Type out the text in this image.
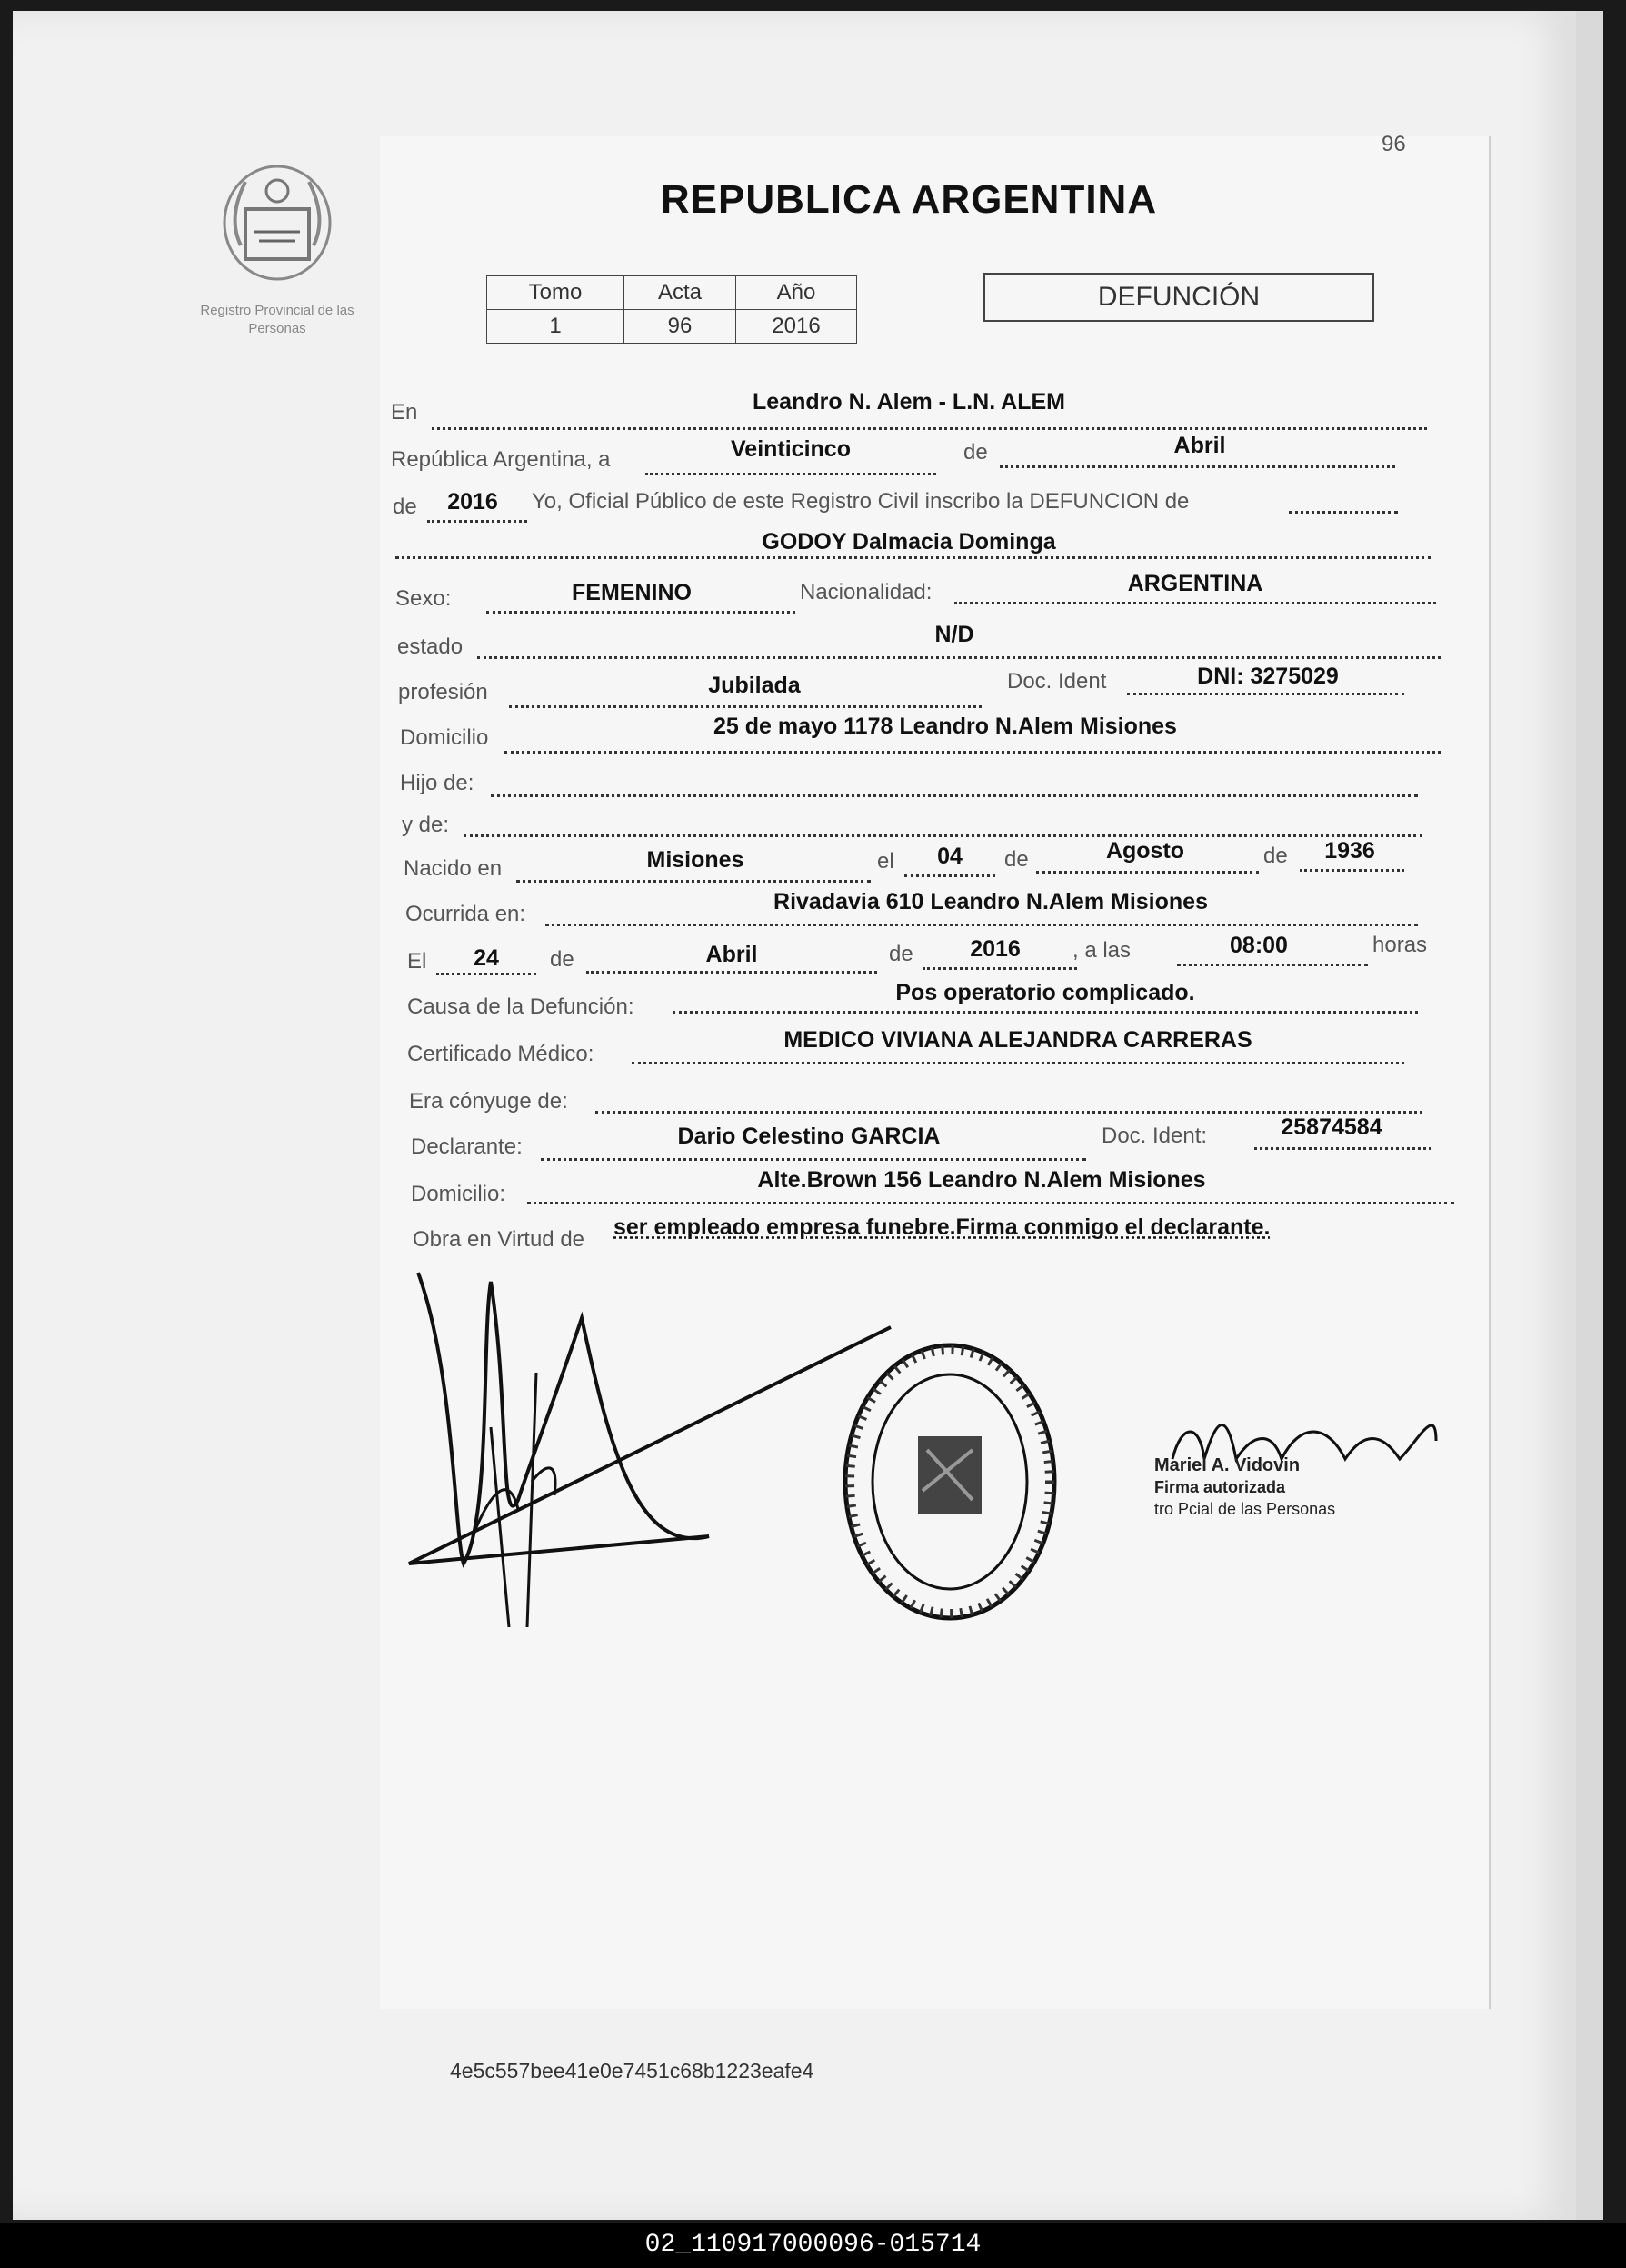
96
Registro Provincial de las Personas
REPUBLICA ARGENTINA
Tomo	Acta	Año
1	96	2016
DEFUNCIÓN
En	Leandro N. Alem - L.N. ALEM
República Argentina, a	Veinticinco	de	Abril
de	2016	Yo, Oficial Público de este Registro Civil inscribo la DEFUNCION de
GODOY Dalmacia Dominga
Sexo:	FEMENINO	Nacionalidad:	ARGENTINA
estado	N/D
profesión	Jubilada	Doc. Ident	DNI: 3275029
Domicilio	25 de mayo 1178 Leandro N.Alem Misiones
Hijo de:
y de:
Nacido en	Misiones	el	04	de	Agosto	de	1936
Ocurrida en:	Rivadavia 610 Leandro N.Alem Misiones
El	24	de	Abril	de	2016	, a las	08:00	horas
Causa de la Defunción:
Pos operatorio complicado.
Certificado Médico:
MEDICO VIVIANA ALEJANDRA CARRERAS
Era cónyuge de:
Declarante:	Dario Celestino GARCIA	Doc. Ident:	25874584
Domicilio:
Alte.Brown 156 Leandro N.Alem Misiones
Obra en Virtud de ser empleado empresa funebre.Firma conmigo el declarante.
Mariel A. Vidovin
Firma autorizada
tro Pcial de las Personas
4e5c557bee41e0e7451c68b1223eafe4
02_110917000096-015714
